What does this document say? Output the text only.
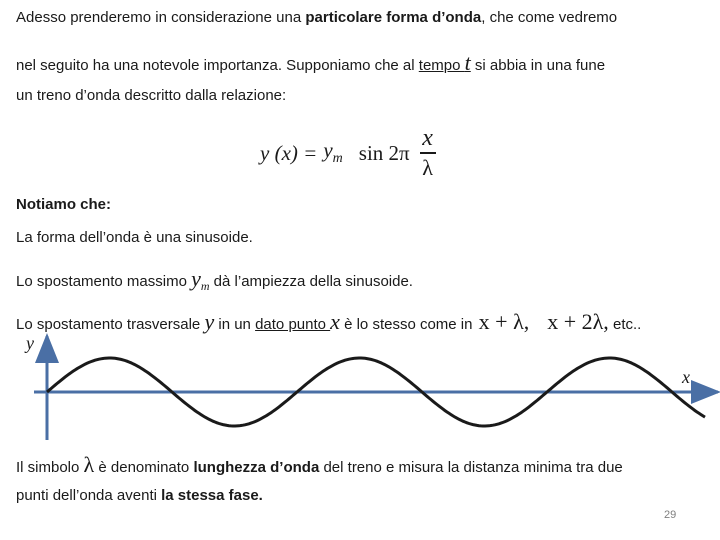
Adesso prenderemo in considerazione una particolare forma d’onda, che come vedremo
nel seguito ha una notevole importanza. Supponiamo che al tempo t si abbia in una fune
un treno d’onda descritto dalla relazione:
y $(x) = y_m$ $\sin 2\pi \frac{x}{\lambda}$
Notiamo che:
La forma dell’onda è una sinusoide.
Lo spostamento massimo $y_m$ dà l’ampiezza della sinusoide.
Lo spostamento trasversale y in un dato punto x è lo stesso come in x + λ, x + 2λ, etc..
y
x
Il simbolo λ è denominato lunghezza d’onda del treno e misura la distanza minima tra due
punti dell’onda aventi la stessa fase.
29
